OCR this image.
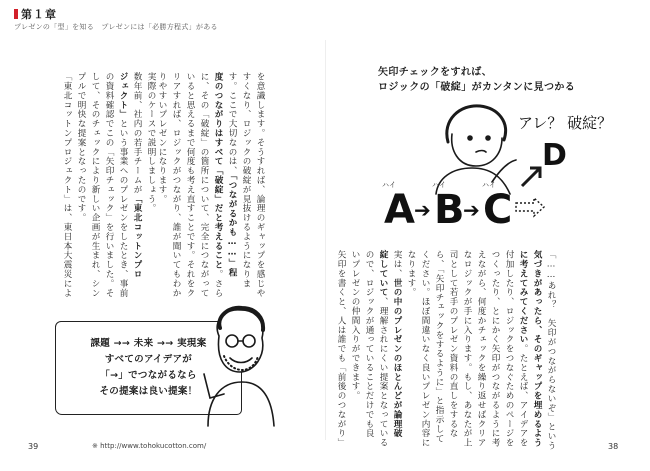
第１章
プレゼンの「型」を知る　プレゼンには「必勝方程式」がある
を意識します。そうすれば、論理のギャップを感じや
すくなり、ロジックの破綻が見抜けるようになりま
す。ここで大切なのは、「つながるかも……」程
度のつながりはすべて「破綻」だと考えること。さら
に、その「破綻」の箇所について、完全につながって
いると思えるまで何度も考え直すことです。それをク
リアすれば、ロジックがつながり、誰が聞いてもわか
りやすいプレゼンになります。
実際のケースで説明しましょう。
数年前、社内の若手チームが「東北コットンプロ
ジェクト」という事業へのプレゼンをしたとき、事前
の資料確認でこの「矢印チェック」を行いました。そ
して、そのチェックにより新しい企画が生まれ、シン
プルで明快な提案となったのです。
「東北コットンプロジェクト」は、東日本大震災によ
課題 →→ 未来 →→ 実現案
すべてのアイデアが
「→」でつながるなら
その提案は良い提案！
※ http://www.tohokucotton.com/
39
矢印チェックをすれば、
ロジックの「破綻」がカンタンに見つかる
アレ？ 破綻？
A ➔ B
➔ C
D
ハイ	ハイ	ハイ
「……あれ？　矢印がつながらないぞ」という
気づきがあったら、そのギャップを埋めるよう
に考えてみてください。たとえば、アイデアを
付加したり、ロジックをつなぐためのページを
つくったり、とにかく矢印がつながるように考
えながら、何度かチェックを繰り返せばクリア
なロジックが手に入ります。もし、あなたが上
司として若手のプレゼン資料の直しをするな
ら、「矢印チェックをするように」と指示して
ください。ほぼ間違いなく良いプレゼン内容に
なります。
実は、世の中のプレゼンのほとんどが論理破
綻していて、理解されにくい提案となっている
ので、ロジックが通っていることだけでも良
いプレゼンの仲間入りができます。
矢印を書くと、人は誰でも「前後のつながり」	38
